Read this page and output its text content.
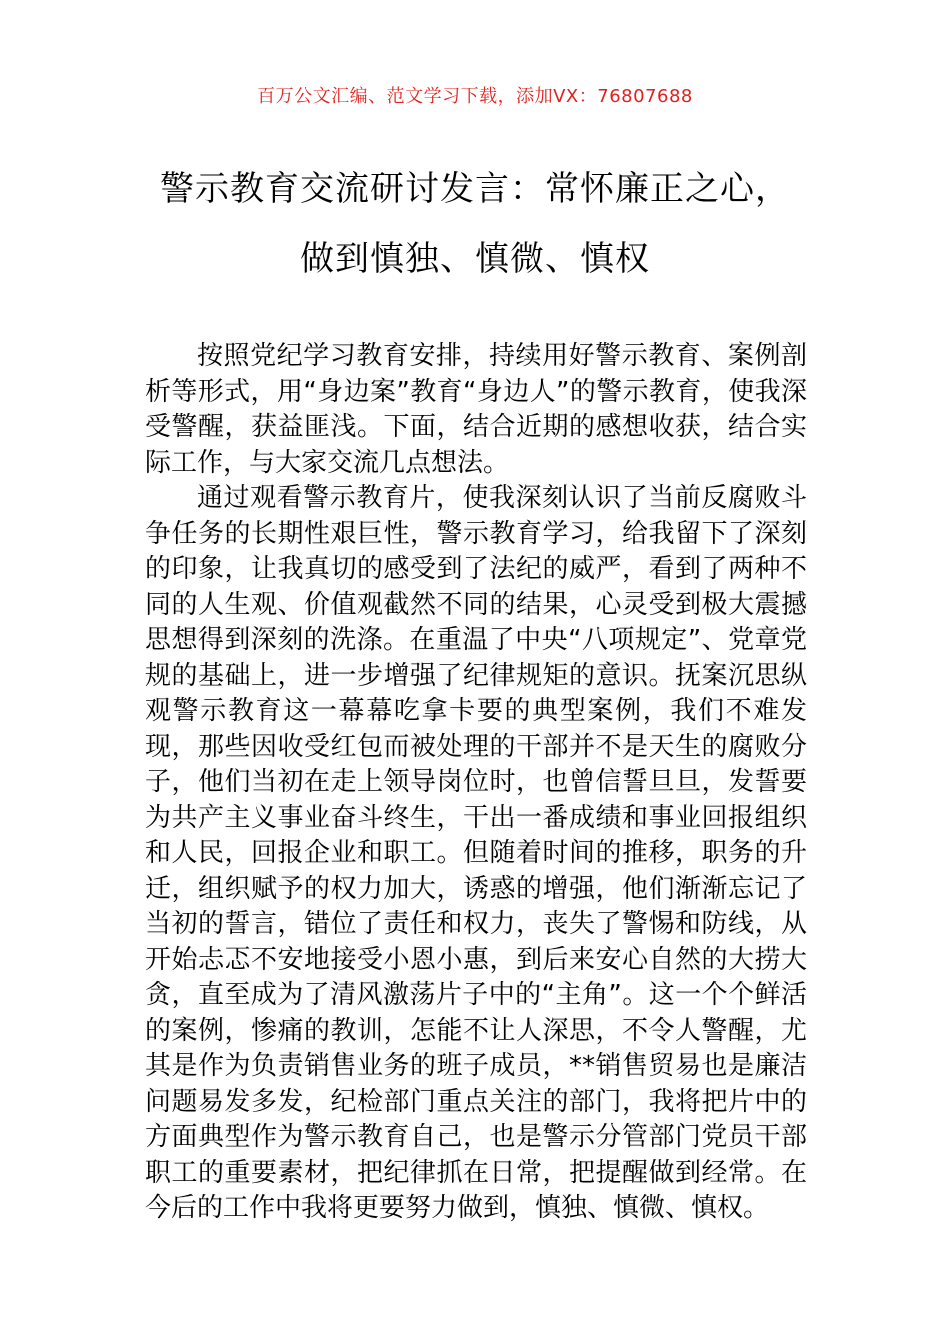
百万公文汇编、范文学习下载，添加VX：76807688
警示教育交流研讨发言：常怀廉正之心，
做到慎独、慎微、慎权

按照党纪学习教育安排，持续用好警示教育、案例剖析等形式，用“身边案”教育“身边人”的警示教育，使我深受警醒，获益匪浅。下面，结合近期的感想收获，结合实际工作，与大家交流几点想法。

通过观看警示教育片，使我深刻认识了当前反腐败斗争任务的长期性艰巨性，警示教育学习，给我留下了深刻的印象，让我真切的感受到了法纪的威严，看到了两种不同的人生观、价值观截然不同的结果，心灵受到极大震撼思想得到深刻的洗涤。在重温了中央“八项规定”、党章党规的基础上，进一步增强了纪律规矩的意识。抚案沉思纵观警示教育这一幕幕吃拿卡要的典型案例，我们不难发现，那些因收受红包而被处理的干部并不是天生的腐败分子，他们当初在走上领导岗位时，也曾信誓旦旦，发誓要为共产主义事业奋斗终生，干出一番成绩和事业回报组织和人民，回报企业和职工。但随着时间的推移，职务的升迁，组织赋予的权力加大，诱惑的增强，他们渐渐忘记了当初的誓言，错位了责任和权力，丧失了警惕和防线，从开始忐忑不安地接受小恩小惠，到后来安心自然的大捞大贪，直至成为了清风激荡片子中的“主角”。这一个个鲜活的案例，惨痛的教训，怎能不让人深思，不令人警醒，尤其是作为负责销售业务的班子成员，**销售贸易也是廉洁问题易发多发，纪检部门重点关注的部门，我将把片中的方面典型作为警示教育自己，也是警示分管部门党员干部职工的重要素材，把纪律抓在日常，把提醒做到经常。在今后的工作中我将更要努力做到，慎独、慎微、慎权。
